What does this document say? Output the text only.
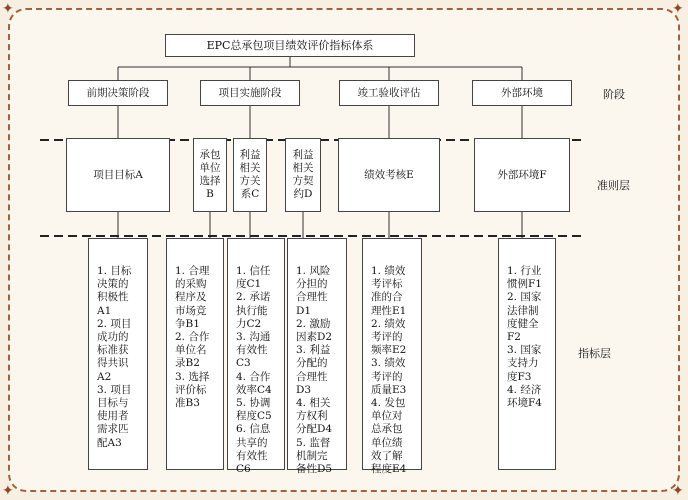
✦	✦
✦	✦
EPC总承包项目绩效评价指标体系
前期决策阶段	项目实施阶段	竣工验收评估	外部环境	阶段
准则层
指标层
项目目标A
承包
单位
选择
B
利益
相关
方关
系C
利益
相关
方契
约D
绩效考核E	外部环境F
1. 目标
决策的
积极性
A1
2. 项目
成功的
标准获
得共识
A2
3. 项目
目标与
使用者
需求匹
配A3
1. 合理
的采购
程序及
市场竞
争B1
2. 合作
单位名
录B2
3. 选择
评价标
准B3
1. 信任
度C1
2. 承诺
执行能
力C2
3. 沟通
有效性
C3
4. 合作
效率C4
5. 协调
程度C5
6. 信息
共享的
有效性
C6
1. 风险
分担的
合理性
D1
2. 激励
因素D2
3. 利益
分配的
合理性
D3
4. 相关
方权利
分配D4
5. 监督
机制完
备性D5
1. 绩效
考评标
准的合
理性E1
2. 绩效
考评的
频率E2
3. 绩效
考评的
质量E3
4. 发包
单位对
总承包
单位绩
效了解
程度E4
1. 行业
惯例F1
2. 国家
法律制
度健全
F2
3. 国家
支持力
度F3
4. 经济
环境F4
